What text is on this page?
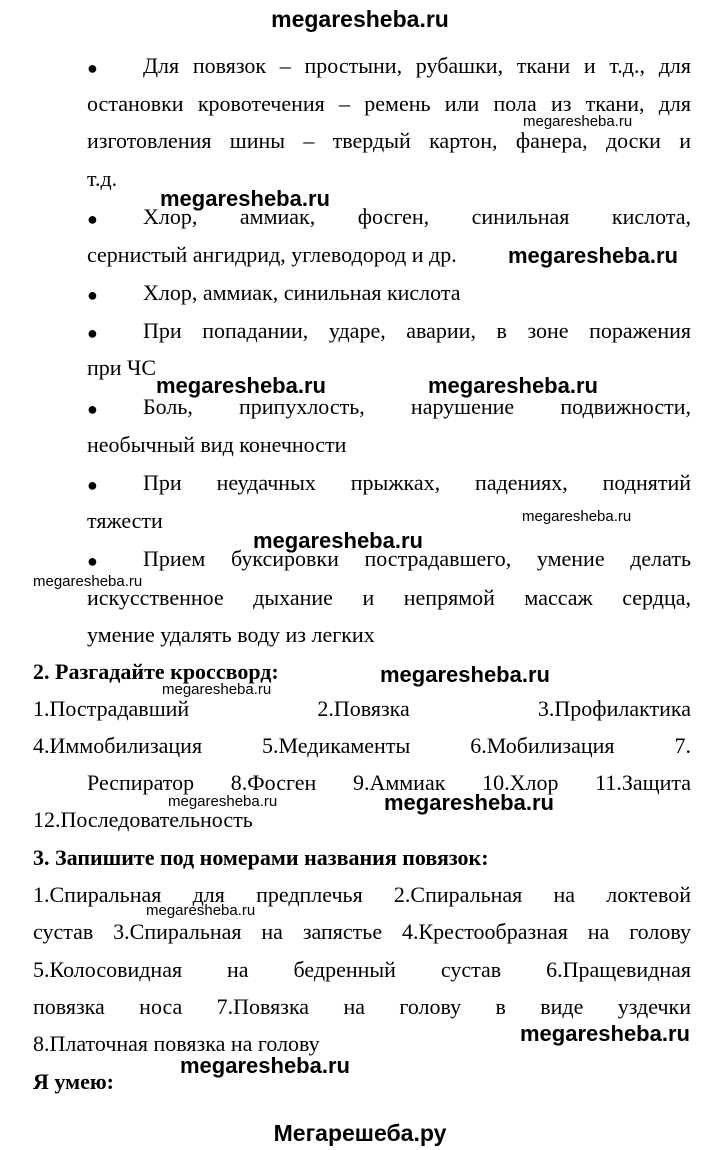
megaresheba.ru
● Для повязок – простыни, рубашки, ткани и т.д., для
остановки кровотечения – ремень или пола из ткани, для
изготовления шины – твердый картон, фанера, доски и
т.д.
● Хлор, аммиак, фосген, синильная кислота,
сернистый ангидрид, углеводород и др.
● Хлор, аммиак, синильная кислота
● При попадании, ударе, аварии, в зоне поражения
при ЧС
● Боль, припухлость, нарушение подвижности,
необычный вид конечности
● При неудачных прыжках, падениях, поднятий
тяжести
● Прием буксировки пострадавшего, умение делать
искусственное дыхание и непрямой массаж сердца,
умение удалять воду из легких
2. Разгадайте кроссворд:
1.Пострадавший	2.Повязка	3.Профилактика
4.Иммобилизация	5.Медикаменты	6.Мобилизация	7.
Респиратор 8.Фосген 9.Аммиак 10.Хлор 11.Защита
12.Последовательность
3. Запишите под номерами названия повязок:
1.Спиральная для предплечья 2.Спиральная на локтевой
сустав 3.Спиральная на запястье 4.Крестообразная на голову
5.Колосовидная на бедренный сустав 6.Пращевидная
повязка носа 7.Повязка на голову в виде уздечки
8.Платочная повязка на голову
Я умею:
megaresheba.ru
megaresheba.ru
megaresheba.ru
megaresheba.ru	megaresheba.ru
megaresheba.ru
megaresheba.ru
megaresheba.ru
megaresheba.ru
megaresheba.ru
megaresheba.ru	megaresheba.ru
megaresheba.ru
megaresheba.ru
megaresheba.ru
Мегарешеба.ру
